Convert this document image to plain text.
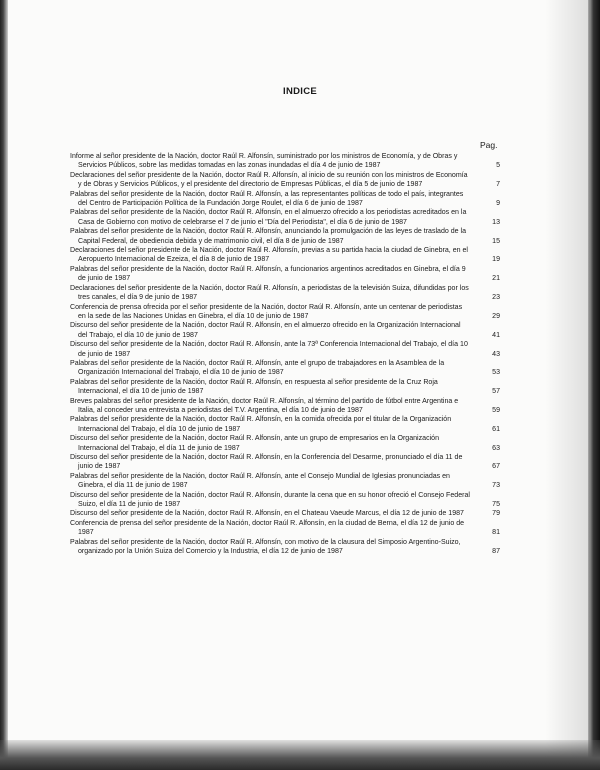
INDICE
Pag.
Informe al señor presidente de la Nación, doctor Raúl R. Alfonsín, suministrado por los ministros de Economía, y de Obras y Servicios Públicos, sobre las medidas tomadas en las zonas inundadas el día 4 de junio de 1987	5
Declaraciones del señor presidente de la Nación, doctor Raúl R. Alfonsín, al inicio de su reunión con los ministros de Economía y de Obras y Servicios Públicos, y el presidente del directorio de Empresas Públicas, el día 5 de junio de 1987	7
Palabras del señor presidente de la Nación, doctor Raúl R. Alfonsín, a las representantes políticas de todo el país, integrantes del Centro de Participación Política de la Fundación Jorge Roulet, el día 6 de junio de 1987	9
Palabras del señor presidente de la Nación, doctor Raúl R. Alfonsín, en el almuerzo ofrecido a los periodistas acreditados en la Casa de Gobierno con motivo de celebrarse el 7 de junio el "Día del Periodista", el día 6 de junio de 1987	13
Palabras del señor presidente de la Nación, doctor Raúl R. Alfonsín, anunciando la promulgación de las leyes de traslado de la Capital Federal, de obediencia debida y de matrimonio civil, el día 8 de junio de 1987	15
Declaraciones del señor presidente de la Nación, doctor Raúl R. Alfonsín, previas a su partida hacia la ciudad de Ginebra, en el Aeropuerto Internacional de Ezeiza, el día 8 de junio de 1987	19
Palabras del señor presidente de la Nación, doctor Raúl R. Alfonsín, a funcionarios argentinos acreditados en Ginebra, el día 9 de junio de 1987	21
Declaraciones del señor presidente de la Nación, doctor Raúl R. Alfonsín, a periodistas de la televisión Suiza, difundidas por los tres canales, el día 9 de junio de 1987	23
Conferencia de prensa ofrecida por el señor presidente de la Nación, doctor Raúl R. Alfonsín, ante un centenar de periodistas en la sede de las Naciones Unidas en Ginebra, el día 10 de junio de 1987	29
Discurso del señor presidente de la Nación, doctor Raúl R. Alfonsín, en el almuerzo ofrecido en la Organización Internacional del Trabajo, el día 10 de junio de 1987	41
Discurso del señor presidente de la Nación, doctor Raúl R. Alfonsín, ante la 73ª Conferencia Internacional del Trabajo, el día 10 de junio de 1987	43
Palabras del señor presidente de la Nación, doctor Raúl R. Alfonsín, ante el grupo de trabajadores en la Asamblea de la Organización Internacional del Trabajo, el día 10 de junio de 1987	53
Palabras del señor presidente de la Nación, doctor Raúl R. Alfonsín, en respuesta al señor presidente de la Cruz Roja Internacional, el día 10 de junio de 1987	57
Breves palabras del señor presidente de la Nación, doctor Raúl R. Alfonsín, al término del partido de fútbol entre Argentina e Italia, al conceder una entrevista a periodistas del T.V. Argentina, el día 10 de junio de 1987	59
Palabras del señor presidente de la Nación, doctor Raúl R. Alfonsín, en la comida ofrecida por el titular de la Organización Internacional del Trabajo, el día 10 de junio de 1987	61
Discurso del señor presidente de la Nación, doctor Raúl R. Alfonsín, ante un grupo de empresarios en la Organización Internacional del Trabajo, el día 11 de junio de 1987	63
Discurso del señor presidente de la Nación, doctor Raúl R. Alfonsín, en la Conferencia del Desarme, pronunciado el día 11 de junio de 1987	67
Palabras del señor presidente de la Nación, doctor Raúl R. Alfonsín, ante el Consejo Mundial de Iglesias pronunciadas en Ginebra, el día 11 de junio de 1987	73
Discurso del señor presidente de la Nación, doctor Raúl R. Alfonsín, durante la cena que en su honor ofreció el Consejo Federal Suizo, el día 11 de junio de 1987	75
Discurso del señor presidente de la Nación, doctor Raúl R. Alfonsín, en el Chateau Vaeude Marcus, el día 12 de junio de 1987	79
Conferencia de prensa del señor presidente de la Nación, doctor Raúl R. Alfonsín, en la ciudad de Berna, el día 12 de junio de 1987	81
Palabras del señor presidente de la Nación, doctor Raúl R. Alfonsín, con motivo de la clausura del Simposio Argentino-Suizo, organizado por la Unión Suiza del Comercio y la Industria, el día 12 de junio de 1987	87
